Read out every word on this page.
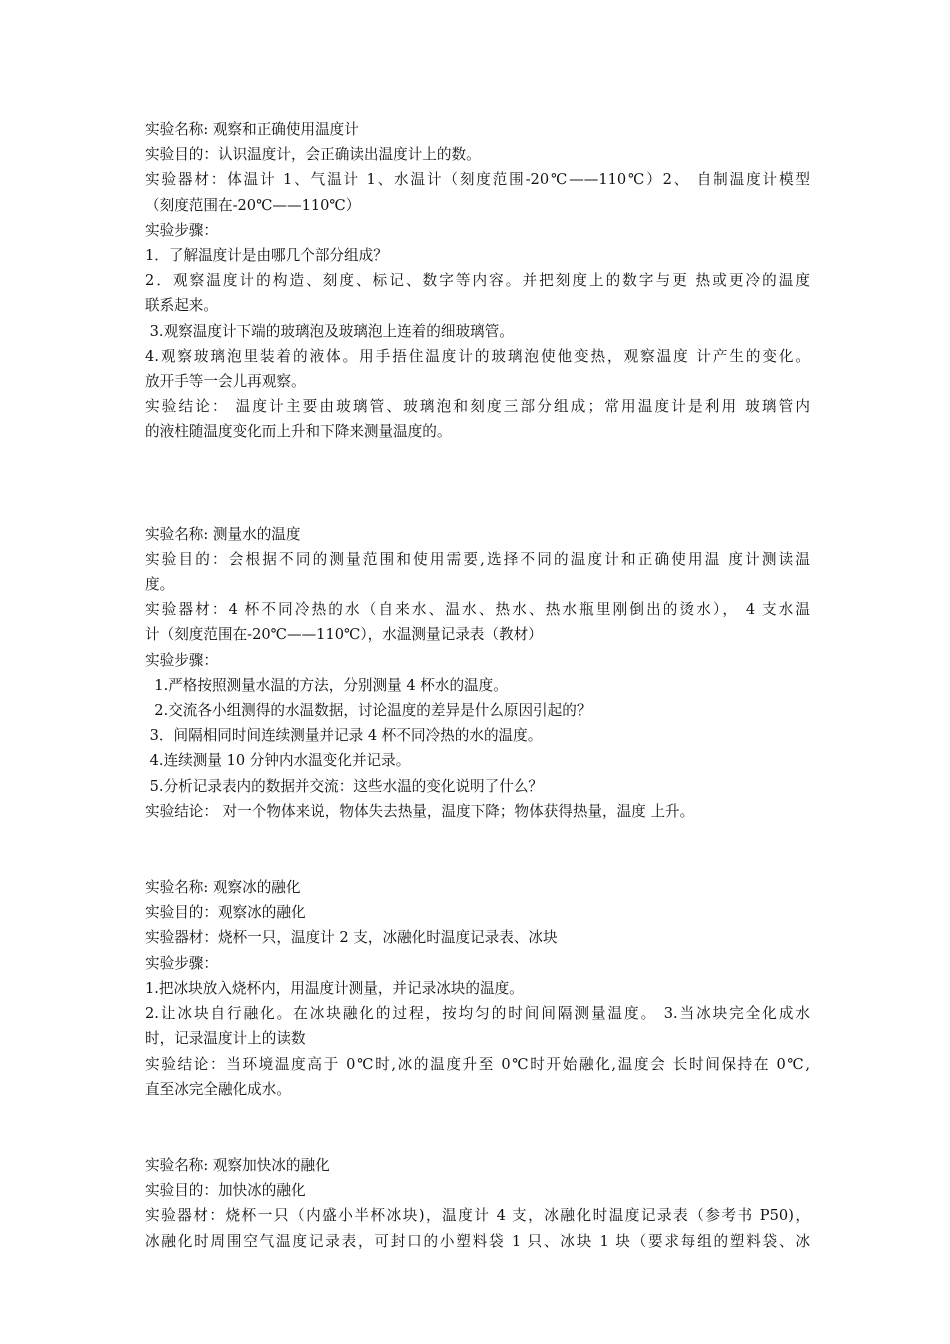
实验名称: 观察和正确使用温度计
实验目的：认识温度计，会正确读出温度计上的数。
实验器材：体温计 1、气温计 1、水温计（刻度范围-20℃——110℃）2、 自制温度计模型
（刻度范围在-20℃——110℃）
实验步骤：
1．了解温度计是由哪几个部分组成？
2．观察温度计的构造、刻度、标记、数字等内容。并把刻度上的数字与更 热或更冷的温度
联系起来。
3.观察温度计下端的玻璃泡及玻璃泡上连着的细玻璃管。
4.观察玻璃泡里装着的液体。用手捂住温度计的玻璃泡使他变热，观察温度 计产生的变化。
放开手等一会儿再观察。
实验结论： 温度计主要由玻璃管、玻璃泡和刻度三部分组成；常用温度计是利用 玻璃管内
的液柱随温度变化而上升和下降来测量温度的。
实验名称: 测量水的温度
实验目的：会根据不同的测量范围和使用需要,选择不同的温度计和正确使用温 度计测读温
度。
实验器材：4 杯不同冷热的水（自来水、温水、热水、热水瓶里刚倒出的烫水）， 4 支水温
计（刻度范围在-20℃——110℃），水温测量记录表（教材）
实验步骤：
1.严格按照测量水温的方法，分别测量 4 杯水的温度。
2.交流各小组测得的水温数据，讨论温度的差异是什么原因引起的？
3．间隔相同时间连续测量并记录 4 杯不同冷热的水的温度。
4.连续测量 10 分钟内水温变化并记录。
5.分析记录表内的数据并交流：这些水温的变化说明了什么？
实验结论： 对一个物体来说，物体失去热量，温度下降；物体获得热量，温度 上升。
实验名称: 观察冰的融化
实验目的：观察冰的融化
实验器材：烧杯一只，温度计 2 支，冰融化时温度记录表、冰块
实验步骤：
1.把冰块放入烧杯内，用温度计测量，并记录冰块的温度。
2.让冰块自行融化。在冰块融化的过程，按均匀的时间间隔测量温度。 3.当冰块完全化成水
时，记录温度计上的读数
实验结论：当环境温度高于 0℃时,冰的温度升至 0℃时开始融化,温度会 长时间保持在 0℃,
直至冰完全融化成水。
实验名称: 观察加快冰的融化
实验目的：加快冰的融化
实验器材：烧杯一只（内盛小半杯冰块)，温度计 4 支，冰融化时温度记录表（参考书 P50)，
冰融化时周围空气温度记录表，可封口的小塑料袋 1 只、冰块 1 块（要求每组的塑料袋、冰
